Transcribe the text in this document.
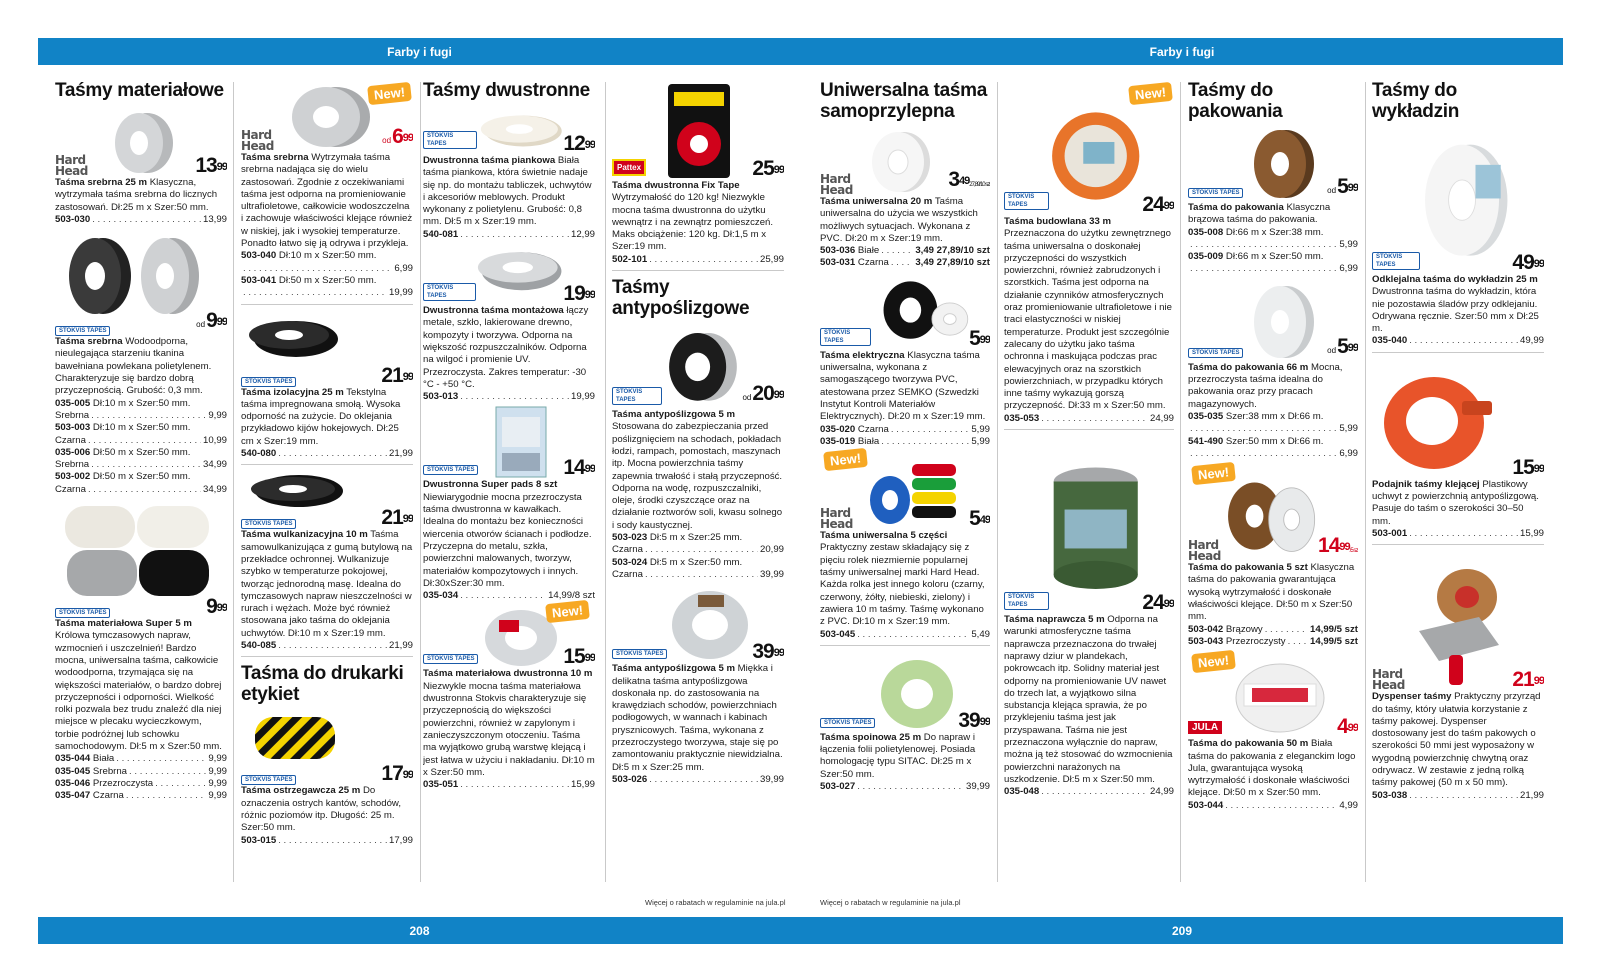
Farby i fugi	Farby i fugi
208	209
Więcej o rabatach w regulaminie na jula.pl	Więcej o rabatach w regulaminie na jula.pl
Taśmy materiałowe
Hard Head	$13^{99}$
Taśma srebrna 25 m Klasyczna, wytrzymała taśma srebrna do licznych zastosowań. Dł:25 m x Szer:50 mm.
503-030 . . .	13,99
STOKVIS TAPES
$od9^{99}$
Taśma srebrna Wodoodporna, nieulegająca starzeniu tkanina bawełniana powlekana polietylenem. Charakteryzuje się bardzo dobrą przyczepnością. Grubość: 0,3 mm.
035-005
Dł:10 m x Szer:50 mm.
Srebrna . . .	9,99
503-003
Dł:10 m x Szer:50 mm.
Czarna . . .	10,99
035-006
Dł:50 m x Szer:50 mm.
Srebrna . . .	34,99
503-002
Dł:50 m x Szer:50 mm.
Czarna . . .	34,99
STOKVIS TAPES	$9^{99}$
Taśma materiałowa Super 5 m Królowa tymczasowych napraw, wzmocnień i uszczelnień! Bardzo mocna, uniwersalna taśma, całkowicie wodoodporna, trzymająca się na większości materiałów, o bardzo dobrej przyczepności i odporności. Wielkość rolki pozwala bez trudu znaleźć dla niej miejsce w plecaku wycieczkowym, torbie podróżnej lub schowku samochodowym. Dł:5 m x Szer:50 mm.
035-044
Biała . . .	9,99
035-045
Srebrna . . .	9,99
035-046
Przezroczysta . . .	9,99
035-047
Czarna . . .	9,99
Hard Head	$od6^{99}$
New!
Taśma srebrna Wytrzymała taśma srebrna nadająca się do wielu zastosowań. Zgodnie z oczekiwaniami taśma jest odporna na promieniowanie ultrafioletowe, całkowicie wodoszczelna i zachowuje właściwości klejące również w niskiej, jak i wysokiej temperaturze. Ponadto łatwo się ją odrywa i przykleja.
503-040
Dł:10 m x Szer:50 mm.
. . .
6,99
503-041
Dł:50 m x Szer:50 mm.
. . .
19,99
STOKVIS TAPES	$21^{99}$
Taśma izolacyjna 25 m Tekstylna taśma impregnowana smołą. Wysoka odporność na zużycie. Do oklejania przykładowo kijów hokejowych. Dł:25 cm x Szer:19 mm.
540-080 . . .	21,99
STOKVIS TAPES	$21^{99}$
Taśma wulkanizacyjna 10 m Taśma samowulkanizująca z gumą butylową na przekładce ochronnej. Wulkanizuje szybko w temperaturze pokojowej, tworząc jednorodną masę. Idealna do tymczasowych napraw nieszczelności w rurach i wężach. Może być również stosowana jako taśma do oklejania uchwytów. Dł:10 m x Szer:19 mm.
540-085 . . .	21,99
Taśma do drukarki etykiet
STOKVIS TAPES	$17^{99}$
Taśma ostrzegawcza 25 m Do oznaczenia ostrych kantów, schodów, różnic poziomów itp. Długość: 25 m. Szer:50 mm.
503-015 . . .	17,99
Taśmy dwustronne
STOKVIS TAPES	$12^{99}$
Dwustronna taśma piankowa Biała taśma piankowa, która świetnie nadaje się np. do montażu tabliczek, uchwytów i akcesoriów meblowych. Produkt wykonany z polietylenu. Grubość: 0,8 mm. Dł:5 m x Szer:19 mm.
540-081 . . .	12,99
STOKVIS TAPES	$19^{99}$
Dwustronna taśma montażowa łączy metale, szkło, lakierowane drewno, kompozyty i tworzywa. Odporna na większość rozpuszczalników. Odporna na wilgoć i promienie UV. Przezroczysta. Zakres temperatur: -30 °C - +50 °C.
503-013 . . .	19,99
STOKVIS TAPES	$14^{99}$
Dwustronna Super pads 8 szt Niewiarygodnie mocna przezroczysta taśma dwustronna w kawałkach. Idealna do montażu bez konieczności wiercenia otworów ścianach i podłodze. Przyczepna do metalu, szkła, powierzchni malowanych, tworzyw, materiałów kompozytowych i innych. Dł:30xSzer:30 mm.
035-034 . . .	14,99/8 szt
STOKVIS TAPES	$15^{99}$
New!
Taśma materiałowa dwustronna 10 m Niezwykle mocna taśma materiałowa dwustronna Stokvis charakteryzuje się przyczepnością do większości powierzchni, również w zapylonym i zanieczyszczonym otoczeniu. Taśma ma wyjątkowo grubą warstwę klejącą i jest łatwa w użyciu i nakładaniu. Dł:10 m x Szer:50 mm.
035-051 . . .	15,99
Pattex	$25^{99}$
Taśma dwustronna Fix Tape Wytrzymałość do 120 kg! Niezwykle mocna taśma dwustronna do użytku wewnątrz i na zewnątrz pomieszczeń. Maks obciążenie: 120 kg. Dł:1,5 m x Szer:19 mm.
502-101 . . .	25,99
Taśmy antypoślizgowe
STOKVIS TAPES	$od20^{99}$
Taśma antypoślizgowa 5 m Stosowana do zabezpieczania przed poślizgnięciem na schodach, pokładach łodzi, rampach, pomostach, maszynach itp. Mocna powierzchnia taśmy zapewnia trwałość i stałą przyczepność. Odporna na wodę, rozpuszczalniki, oleje, środki czyszczące oraz na działanie roztworów soli, kwasu solnego i sody kaustycznej.
503-023
Dł:5 m x Szer:25 mm.
Czarna . . .	20,99
503-024
Dł:5 m x Szer:50 mm.
Czarna . . .	39,99
STOKVIS TAPES	$39^{99}$
Taśma antypoślizgowa 5 m Miękka i delikatna taśma antypoślizgowa doskonała np. do zastosowania na krawędziach schodów, powierzchniach podłogowych, w wannach i kabinach prysznicowych. Taśma, wykonana z przezroczystego tworzywa, staje się po zamontowaniu praktycznie niewidzialna. Dł:5 m x Szer:25 mm.
503-026 . . .	39,99
Uniwersalna taśma samoprzylepna
Hard Head	$3^{49}27,89/10$ szt
Taśma uniwersalna 20 m Taśma uniwersalna do użycia we wszystkich możliwych sytuacjach. Wykonana z PVC. Dł:20 m x Szer:19 mm.
503-036
Białe . . .	3,49 27,89/10 szt
503-031
Czarna . . .	3,49 27,89/10 szt
STOKVIS TAPES	$5^{99}$
Taśma elektryczna Klasyczna taśma uniwersalna, wykonana z samogaszącego tworzywa PVC, atestowana przez SEMKO (Szwedzki Instytut Kontroli Materiałów Elektrycznych). Dł:20 m x Szer:19 mm.
035-020
Czarna . . .	5,99
035-019
Biała . . .	5,99
Hard Head	$5^{49}$
New!
Taśma uniwersalna 5 części Praktyczny zestaw składający się z pięciu rolek niezmiernie popularnej taśmy uniwersalnej marki Hard Head. Każda rolka jest innego koloru (czarny, czerwony, żółty, niebieski, zielony) i zawiera 10 m taśmy. Taśmę wykonano z PVC. Dł:10 m x Szer:19 mm.
503-045 . . .	5,49
STOKVIS TAPES	$39^{99}$
Taśma spoinowa 25 m Do napraw i łączenia folii polietylenowej. Posiada homologację typu SITAC. Dł:25 m x Szer:50 mm.
503-027 . . .	39,99
STOKVIS TAPES	$24^{99}$
New!
Taśma budowlana 33 m Przeznaczona do użytku zewnętrznego taśma uniwersalna o doskonałej przyczepności do wszystkich powierzchni, również zabrudzonych i szorstkich. Taśma jest odporna na działanie czynników atmosferycznych oraz promieniowanie ultrafioletowe i nie traci elastyczności w niskiej temperaturze. Produkt jest szczególnie zalecany do użytku jako taśma ochronna i maskująca podczas prac elewacyjnych oraz na szorstkich powierzchniach, w przypadku których inne taśmy wykazują gorszą przyczepność. Dł:33 m x Szer:50 mm.
035-053 . . .	24,99
STOKVIS TAPES	$24^{99}$
Taśma naprawcza 5 m Odporna na warunki atmosferyczne taśma naprawcza przeznaczona do trwałej naprawy dziur w plandekach, pokrowcach itp. Solidny materiał jest odporny na promieniowanie UV nawet do trzech lat, a wyjątkowo silna substancja klejąca sprawia, że po przyklejeniu taśma jest jak przyspawana. Taśma nie jest przeznaczona wyłącznie do napraw, można ją też stosować do wzmocnienia powierzchni narażonych na uszkodzenie. Dł:5 m x Szer:50 mm.
035-048 . . .	24,99
Taśmy do pakowania
STOKVIS TAPES	$od5^{99}$
Taśma do pakowania Klasyczna brązowa taśma do pakowania.
035-008
Dł:66 m x Szer:38 mm.
. . .
5,99
035-009
Dł:66 m x Szer:50 mm.
. . .
6,99
STOKVIS TAPES	$od5^{99}$
Taśma do pakowania 66 m Mocna, przezroczysta taśma idealna do pakowania oraz przy pracach magazynowych.
035-035
Szer:38 mm x Dł:66 m.
. . .
5,99
541-490
Szer:50 mm x Dł:66 m.
. . .
6,99
Hard Head	$14^{99}/5$ szt
New!
Taśma do pakowania 5 szt Klasyczna taśma do pakowania gwarantująca wysoką wytrzymałość i doskonałe właściwości klejące. Dł:50 m x Szer:50 mm.
503-042
Brązowy . . .	14,99/5 szt
503-043
Przezroczysty . . .	14,99/5 szt
JULA	$4^{99}$
New!
Taśma do pakowania 50 m Biała taśma do pakowania z eleganckim logo Jula, gwarantująca wysoką wytrzymałość i doskonałe właściwości klejące. Dł:50 m x Szer:50 mm.
503-044 . . .	4,99
Taśmy do wykładzin
STOKVIS TAPES	$49^{99}$
Odklejalna taśma do wykładzin 25 m Dwustronna taśma do wykładzin, która nie pozostawia śladów przy odklejaniu. Odrywana ręcznie. Szer:50 mm x Dł:25 m.
035-040 . . .	49,99
$15^{99}$
Podajnik taśmy klejącej Plastikowy uchwyt z powierzchnią antypoślizgową. Pasuje do taśm o szerokości 30–50 mm.
503-001 . . .	15,99
Hard Head	$21^{99}$
Dyspenser taśmy Praktyczny przyrząd do taśmy, który ułatwia korzystanie z taśmy pakowej. Dyspenser dostosowany jest do taśm pakowych o szerokości 50 mmi jest wyposażony w wygodną powierzchnię chwytną oraz odrywacz. W zestawie z jedną rolką taśmy pakowej (50 m x 50 mm).
503-038 . . .	21,99
